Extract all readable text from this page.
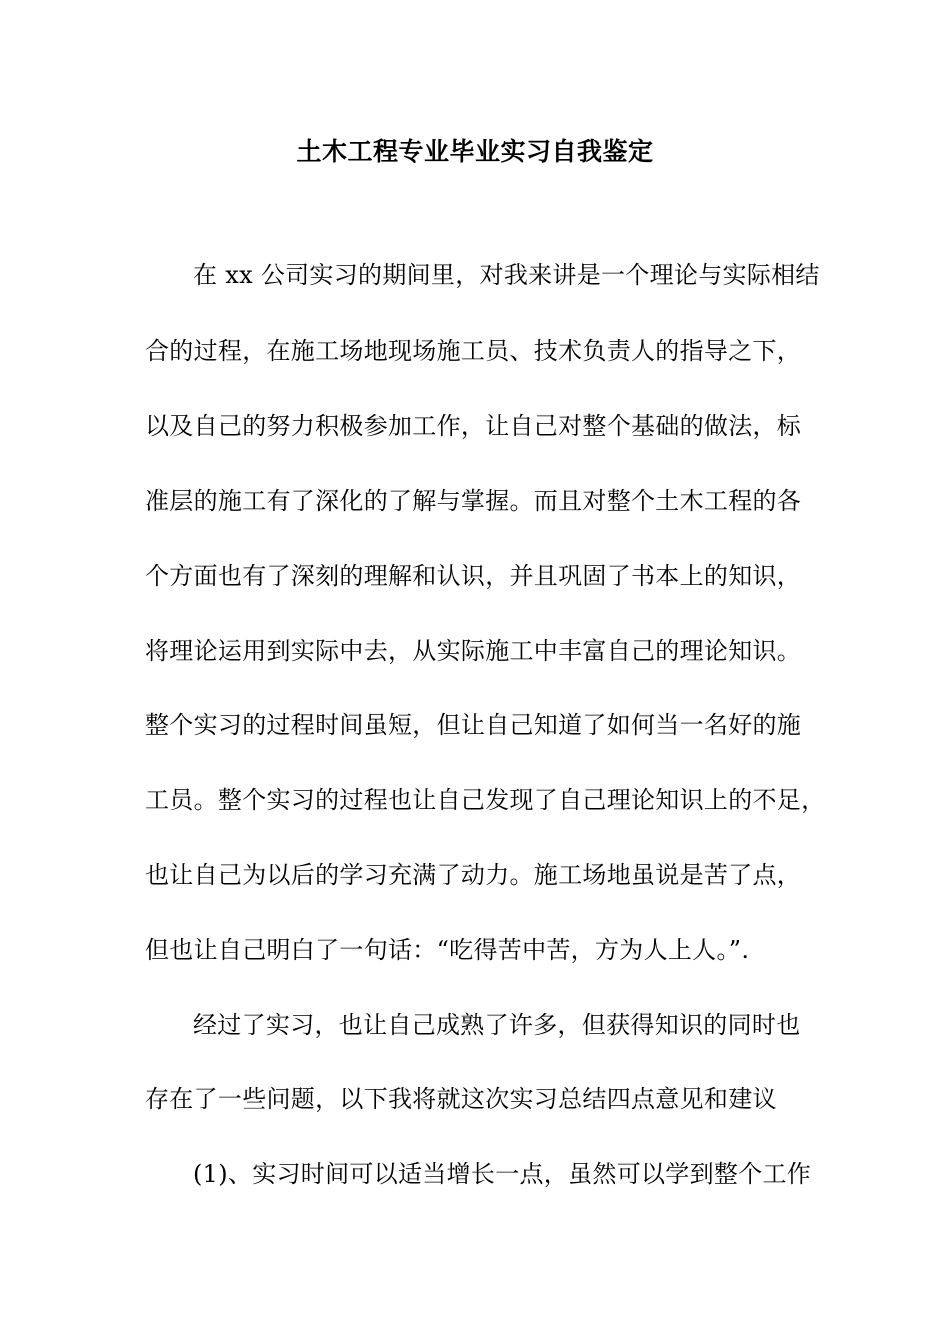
土木工程专业毕业实习自我鉴定
在 xx 公司实习的期间里，对我来讲是一个理论与实际相结
合的过程，在施工场地现场施工员、技术负责人的指导之下，
以及自己的努力积极参加工作，让自己对整个基础的做法，标
准层的施工有了深化的了解与掌握。而且对整个土木工程的各
个方面也有了深刻的理解和认识，并且巩固了书本上的知识，
将理论运用到实际中去，从实际施工中丰富自己的理论知识。
整个实习的过程时间虽短，但让自己知道了如何当一名好的施
工员。整个实习的过程也让自己发现了自己理论知识上的不足，
也让自己为以后的学习充满了动力。施工场地虽说是苦了点，
但也让自己明白了一句话：“吃得苦中苦，方为人上人。”.
经过了实习，也让自己成熟了许多，但获得知识的同时也
存在了一些问题，以下我将就这次实习总结四点意见和建议
(1)、实习时间可以适当增长一点，虽然可以学到整个工作
